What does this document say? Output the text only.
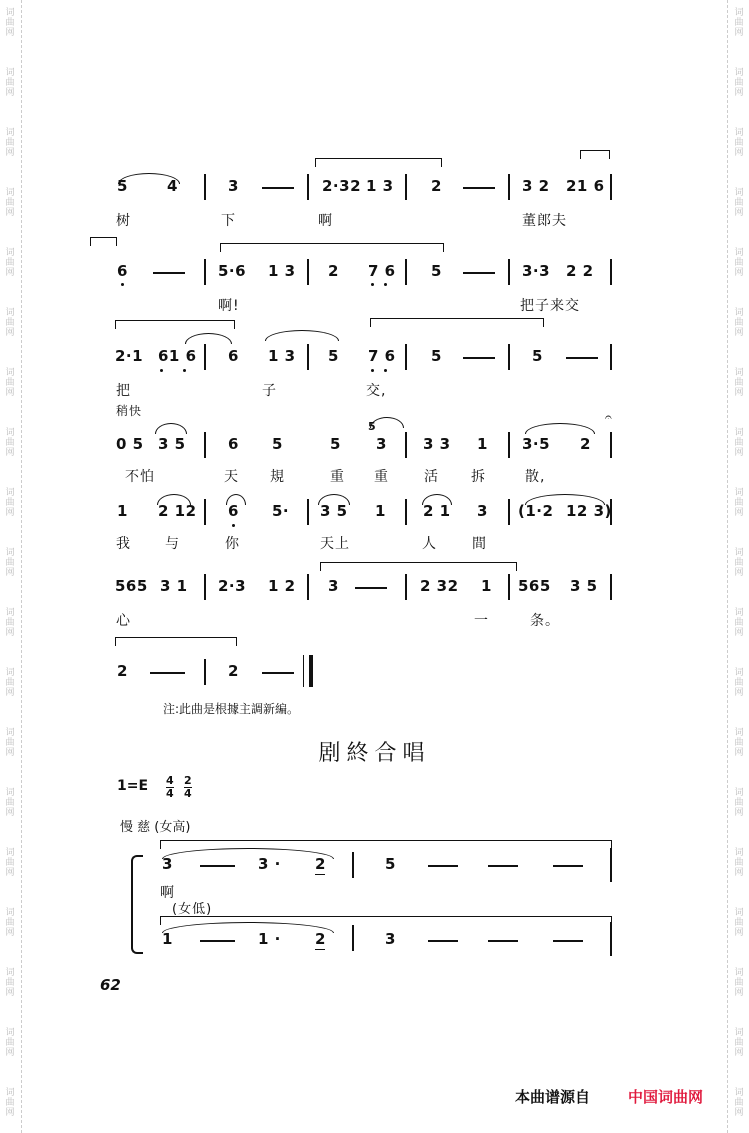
词
曲
网
词
曲
网
词
曲
网
词
曲
网
词
曲
网
词
曲
网
词
曲
网
词
曲
网
词
曲
网
词
曲
网
词
曲
网
词
曲
网
词
曲
网
词
曲
网
词
曲
网
词
曲
网
词
曲
网
词
曲
网
词
曲
网
词
曲
网
词
曲
网
词
曲
网
词
曲
网
词
曲
网
词
曲
网
词
曲
网
词
曲
网
词
曲
网
词
曲
网
词
曲
网
词
曲
网
词
曲
网
词
曲
网
词
曲
网
词
曲
网
词
曲
网
词
曲
网
词
曲
网
5	4	3	2·32 1 3 2	3 2 21 6
树	下	啊	董郎夫
6	5·6 1 3 2 7 6 5	3·3 2 2
啊!	把子来交
2·1 61 6 6 1 3 5 7 6 5	5
把	子	交,
稍快	𝄐
0 5 3 5	6 5	5
5
3 3 3 1 3·5 2
不怕	天 規	重 重	活 拆	散,
1 2 12 6 5· 3 5 1 2 1 3 (1·2 12 3)
我 与	你	天上	人	間
565 3 1 2·3 1 2 3	2 32 1 565 3 5
心	一	条。
2	2
注:此曲是根據主調新編。
剧終合唱
$1=E \frac{4}{4} \frac{2}{4}$
慢 慈 (女高)
3	3 · 2	5
啊
(女低)
1	1 · 2	3
62
本曲谱源自	中国词曲网
